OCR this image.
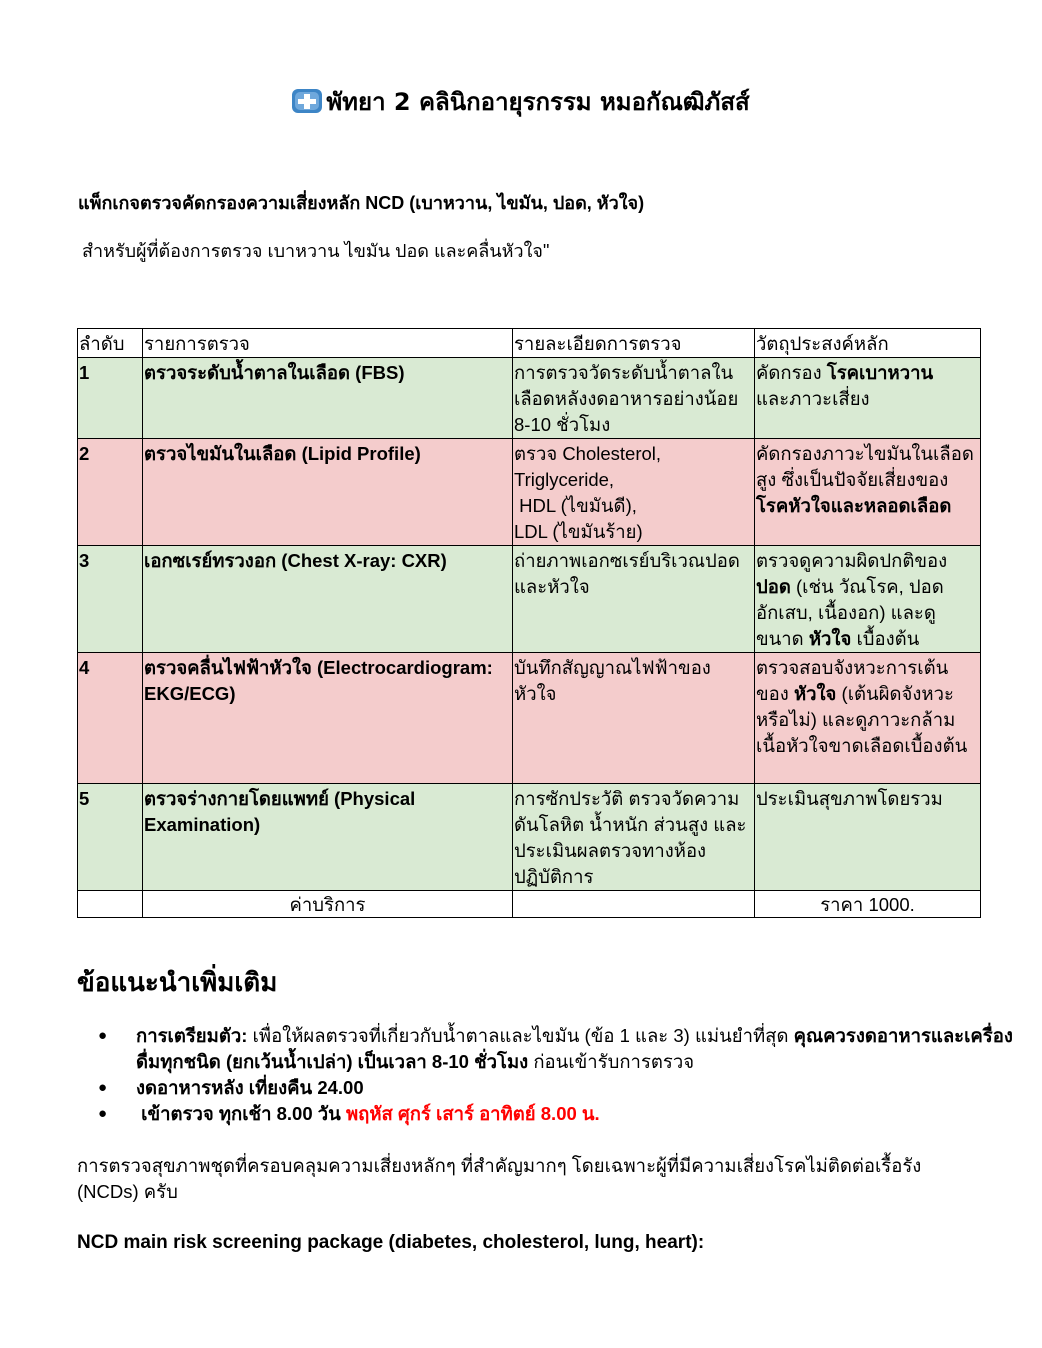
พัทยา 2 คลินิกอายุรกรรม หมอกัณฒิภัสส์
แพ็กเกจตรวจคัดกรองความเสี่ยงหลัก NCD (เบาหวาน, ไขมัน, ปอด, หัวใจ)
สำหรับผู้ที่ต้องการตรวจ เบาหวาน ไขมัน ปอด และคลื่นหัวใจ"
ลำดับ	รายการตรวจ	รายละเอียดการตรวจ	วัตถุประสงค์หลัก
1	ตรวจระดับน้ำตาลในเลือด (FBS)	การตรวจวัดระดับน้ำตาลในเลือดหลังงดอาหารอย่างน้อย 8-10 ชั่วโมง	คัดกรอง โรคเบาหวาน
และภาวะเสี่ยง
2	ตรวจไขมันในเลือด (Lipid Profile)	ตรวจ Cholesterol,
Triglyceride,
HDL (ไขมันดี),
LDL (ไขมันร้าย)	คัดกรองภาวะไขมันในเลือดสูง ซึ่งเป็นปัจจัยเสี่ยงของ โรคหัวใจและหลอดเลือด
3	เอกซเรย์ทรวงอก (Chest X-ray: CXR)	ถ่ายภาพเอกซเรย์บริเวณปอดและหัวใจ	ตรวจดูความผิดปกติของ
ปอด (เช่น วัณโรค, ปอดอักเสบ, เนื้องอก) และดูขนาด หัวใจ เบื้องต้น
4	ตรวจคลื่นไฟฟ้าหัวใจ (Electrocardiogram: EKG/ECG)	บันทึกสัญญาณไฟฟ้าของหัวใจ	ตรวจสอบจังหวะการเต้นของ หัวใจ (เต้นผิดจังหวะหรือไม่) และดูภาวะกล้ามเนื้อหัวใจขาดเลือดเบื้องต้น
5	ตรวจร่างกายโดยแพทย์ (Physical Examination)	การซักประวัติ ตรวจวัดความดันโลหิต น้ำหนัก ส่วนสูง และประเมินผลตรวจทางห้องปฏิบัติการ	ประเมินสุขภาพโดยรวม
	ค่าบริการ		ราคา 1000.
ข้อแนะนำเพิ่มเติม
● การเตรียมตัว: เพื่อให้ผลตรวจที่เกี่ยวกับน้ำตาลและไขมัน (ข้อ 1 และ 3) แม่นยำที่สุด คุณควรงดอาหารและเครื่องดื่มทุกชนิด (ยกเว้นน้ำเปล่า) เป็นเวลา 8-10 ชั่วโมง ก่อนเข้ารับการตรวจ
● งดอาหารหลัง เที่ยงคืน 24.00
●  เข้าตรวจ ทุกเช้า 8.00 วัน พฤหัส ศุกร์ เสาร์ อาทิตย์ 8.00 น.
การตรวจสุขภาพชุดที่ครอบคลุมความเสี่ยงหลักๆ ที่สำคัญมากๆ โดยเฉพาะผู้ที่มีความเสี่ยงโรคไม่ติดต่อเรื้อรัง (NCDs) ครับ
NCD main risk screening package (diabetes, cholesterol, lung, heart):
